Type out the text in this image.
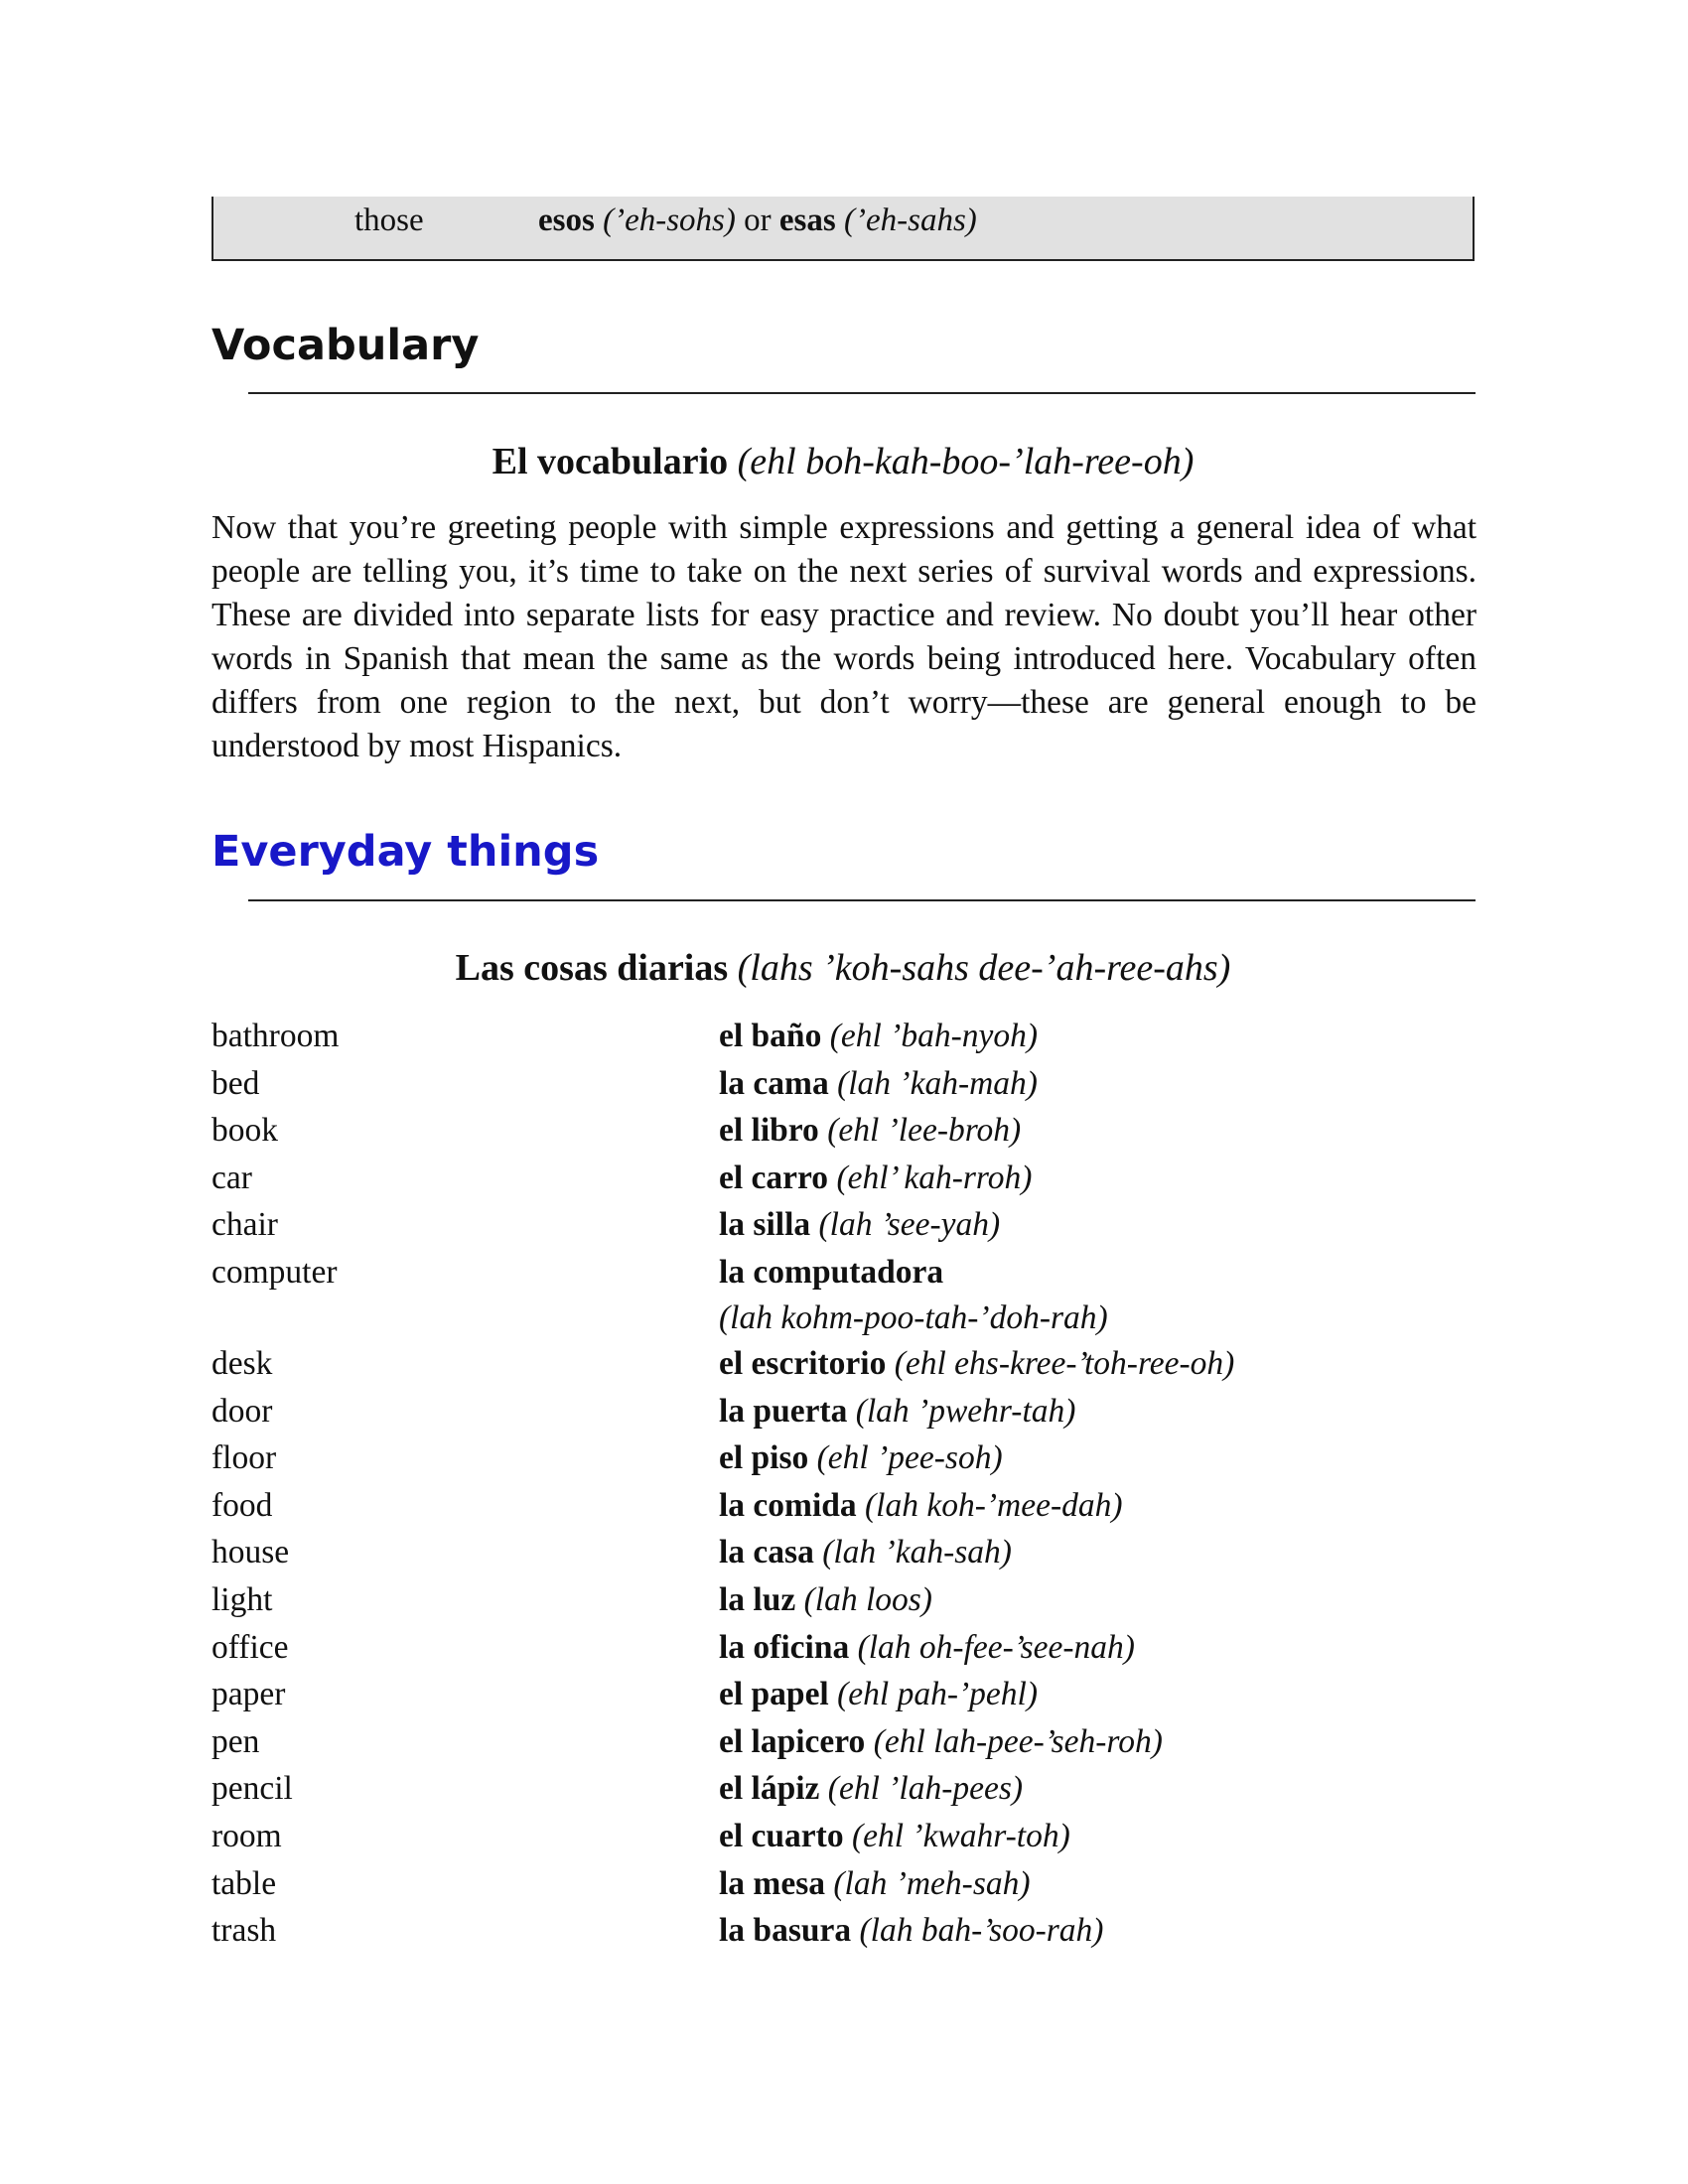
those	esos (’eh-sohs) or esas (’eh-sahs)
Vocabulary
El vocabulario (ehl boh-kah-boo-’lah-ree-oh)

Now that you’re greeting people with simple expressions and getting a general idea of what people are telling you, it’s time to take on the next series of survival words and expressions. These are divided into separate lists for easy practice and review. No doubt you’ll hear other words in Spanish that mean the same as the words being introduced here. Vocabulary often differs from one region to the next, but don’t worry—these are general enough to be understood by most Hispanics.

Everyday things
Las cosas diarias (lahs ’koh-sahs dee-’ah-ree-ahs)
bathroom	el baño (ehl ’bah-nyoh)
bed	la cama (lah ’kah-mah)
book	el libro (ehl ’lee-broh)
car	el carro (ehl’ kah-rroh)
chair	la silla (lah ’see-yah)
computer	la computadora
(lah kohm-poo-tah-’doh-rah)
desk	el escritorio (ehl ehs-kree-’toh-ree-oh)
door	la puerta (lah ’pwehr-tah)
floor	el piso (ehl ’pee-soh)
food	la comida (lah koh-’mee-dah)
house	la casa (lah ’kah-sah)
light	la luz (lah loos)
office	la oficina (lah oh-fee-’see-nah)
paper	el papel (ehl pah-’pehl)
pen	el lapicero (ehl lah-pee-’seh-roh)
pencil	el lápiz (ehl ’lah-pees)
room	el cuarto (ehl ’kwahr-toh)
table	la mesa (lah ’meh-sah)
trash	la basura (lah bah-’soo-rah)
